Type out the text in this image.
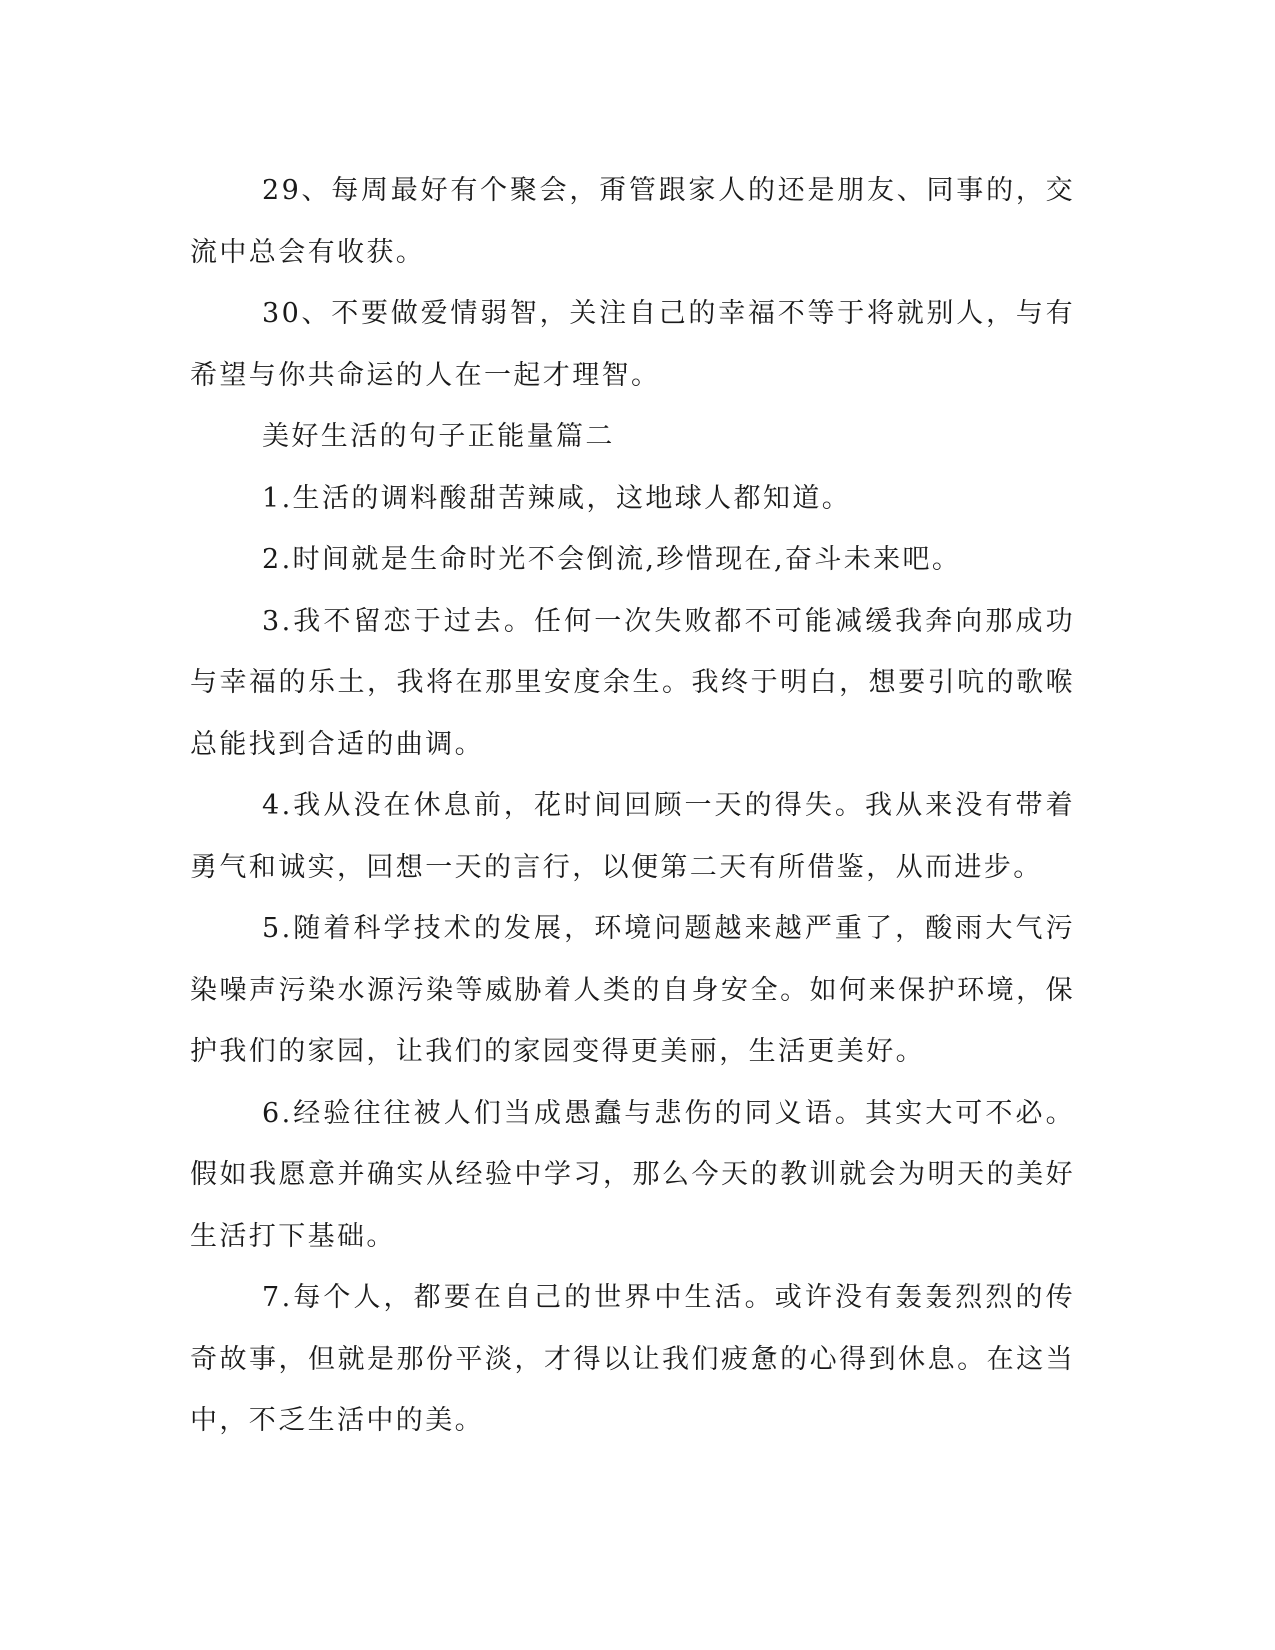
29、每周最好有个聚会，甭管跟家人的还是朋友、同事的，交流中总会有收获。

30、不要做爱情弱智，关注自己的幸福不等于将就别人，与有希望与你共命运的人在一起才理智。

美好生活的句子正能量篇二

1.生活的调料酸甜苦辣咸，这地球人都知道。

2.时间就是生命时光不会倒流,珍惜现在,奋斗未来吧。

3.我不留恋于过去。任何一次失败都不可能减缓我奔向那成功与幸福的乐土，我将在那里安度余生。我终于明白，想要引吭的歌喉总能找到合适的曲调。

4.我从没在休息前，花时间回顾一天的得失。我从来没有带着勇气和诚实，回想一天的言行，以便第二天有所借鉴，从而进步。

5.随着科学技术的发展，环境问题越来越严重了，酸雨大气污染噪声污染水源污染等威胁着人类的自身安全。如何来保护环境，保护我们的家园，让我们的家园变得更美丽，生活更美好。

6.经验往往被人们当成愚蠢与悲伤的同义语。其实大可不必。假如我愿意并确实从经验中学习，那么今天的教训就会为明天的美好生活打下基础。

7.每个人，都要在自己的世界中生活。或许没有轰轰烈烈的传奇故事，但就是那份平淡，才得以让我们疲惫的心得到休息。在这当中，不乏生活中的美。
